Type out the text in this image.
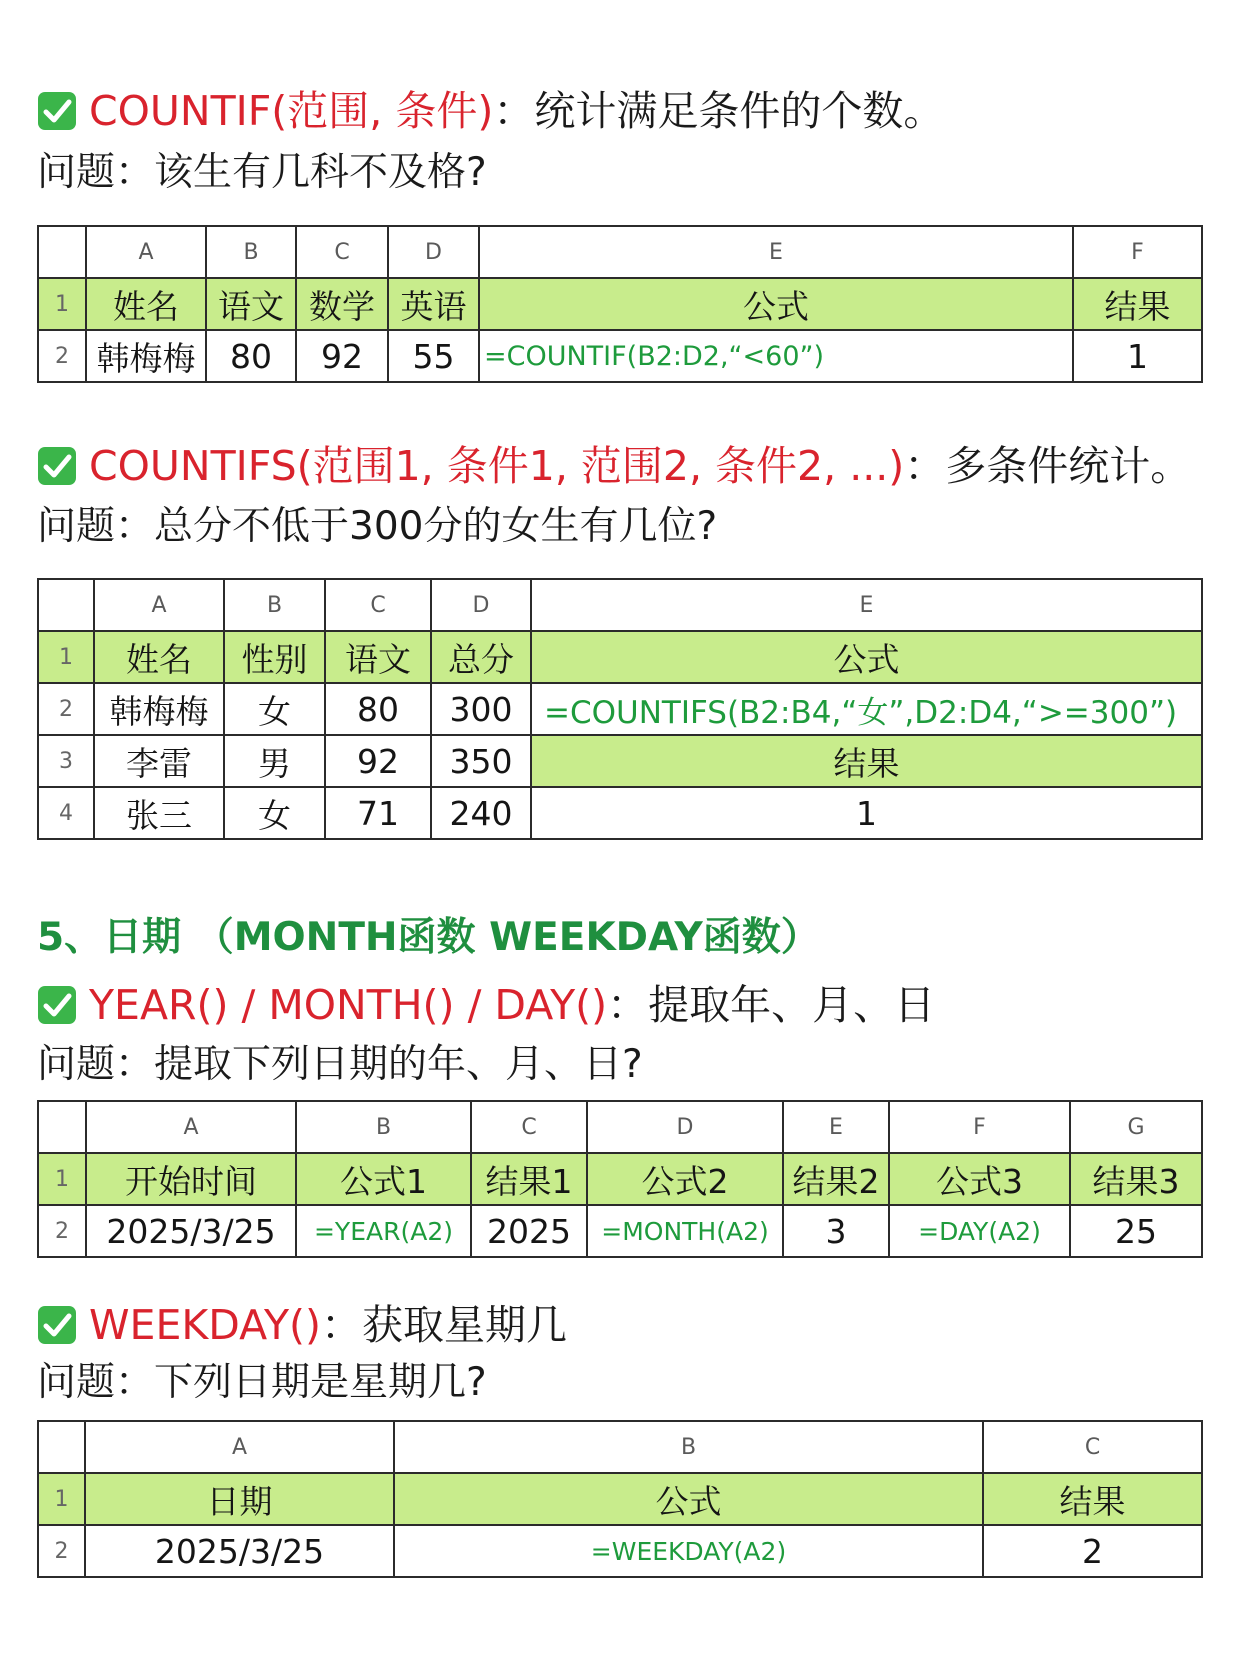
COUNTIF(范围, 条件)：统计满足条件的个数。
问题：该生有几科不及格?
	A	B	C	D	E	F
1	姓名	语文	数学	英语	公式	结果
2	韩梅梅	80	92	55	=COUNTIF(B2:D2,“<60”)	1
COUNTIFS(范围1, 条件1, 范围2, 条件2, ...)：多条件统计。
问题：总分不低于300分的女生有几位?
	A	B	C	D	E
1	姓名	性别	语文	总分	公式
2	韩梅梅	女	80	300	=COUNTIFS(B2:B4,“女”,D2:D4,“>=300”)
3	李雷	男	92	350	结果
4	张三	女	71	240	1
5、日期 （MONTH函数 WEEKDAY函数）
YEAR() / MONTH() / DAY()：提取年、月、日
问题：提取下列日期的年、月、日?
	A	B	C	D	E	F	G
1	开始时间	公式1	结果1	公式2	结果2	公式3	结果3
2	2025/3/25	=YEAR(A2)	2025	=MONTH(A2)	3	=DAY(A2)	25
WEEKDAY()：获取星期几
问题：下列日期是星期几?
	A	B	C
1	日期	公式	结果
2	2025/3/25	=WEEKDAY(A2)	2
